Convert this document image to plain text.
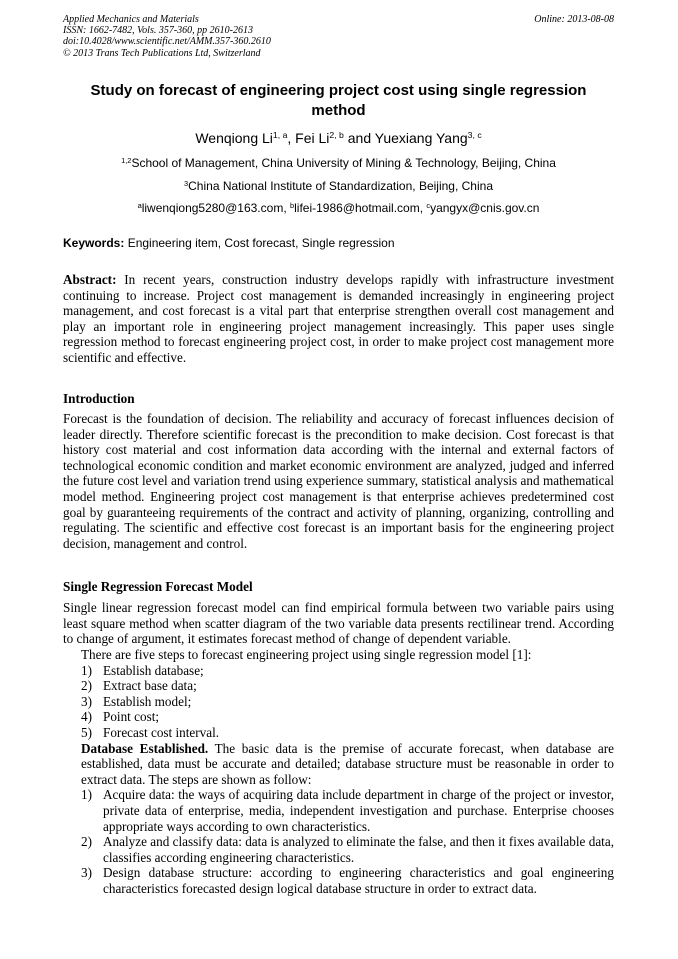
Applied Mechanics and Materials
ISSN: 1662-7482, Vols. 357-360, pp 2610-2613
doi:10.4028/www.scientific.net/AMM.357-360.2610
© 2013 Trans Tech Publications Ltd, Switzerland
Online: 2013-08-08
Study on forecast of engineering project cost using single regression method
Wenqiong Li$^{1, a}$, Fei Li$^{2, b}$ and Yuexiang Yang$^{3, c}$
$^{1,2}$School of Management, China University of Mining & Technology, Beijing, China
$^3$China National Institute of Standardization, Beijing, China
$^a$liwenqiong5280@163.com, $^b$lifei-1986@hotmail.com, $^c$yangyx@cnis.gov.cn
Keywords: Engineering item, Cost forecast, Single regression
Abstract: In recent years, construction industry develops rapidly with infrastructure investment continuing to increase. Project cost management is demanded increasingly in engineering project management, and cost forecast is a vital part that enterprise strengthen overall cost management and play an important role in engineering project management increasingly. This paper uses single regression method to forecast engineering project cost, in order to make project cost management more scientific and effective.
Introduction
Forecast is the foundation of decision. The reliability and accuracy of forecast influences decision of leader directly. Therefore scientific forecast is the precondition to make decision. Cost forecast is that history cost material and cost information data according with the internal and external factors of technological economic condition and market economic environment are analyzed, judged and inferred the future cost level and variation trend using experience summary, statistical analysis and mathematical model method. Engineering project cost management is that enterprise achieves predetermined cost goal by guaranteeing requirements of the contract and activity of planning, organizing, controlling and regulating. The scientific and effective cost forecast is an important basis for the engineering project decision, management and control.
Single Regression Forecast Model
Single linear regression forecast model can find empirical formula between two variable pairs using least square method when scatter diagram of the two variable data presents rectilinear trend. According to change of argument, it estimates forecast method of change of dependent variable.
There are five steps to forecast engineering project using single regression model [1]:
1) Establish database;
2) Extract base data;
3) Establish model;
4) Point cost;
5) Forecast cost interval.
Database Established. The basic data is the premise of accurate forecast, when database are established, data must be accurate and detailed; database structure must be reasonable in order to extract data. The steps are shown as follow:
1) Acquire data: the ways of acquiring data include department in charge of the project or investor, private data of enterprise, media, independent investigation and purchase. Enterprise chooses appropriate ways according to own characteristics.
2) Analyze and classify data: data is analyzed to eliminate the false, and then it fixes available data, classifies according engineering characteristics.
3) Design database structure: according to engineering characteristics and goal engineering characteristics forecasted design logical database structure in order to extract data.
